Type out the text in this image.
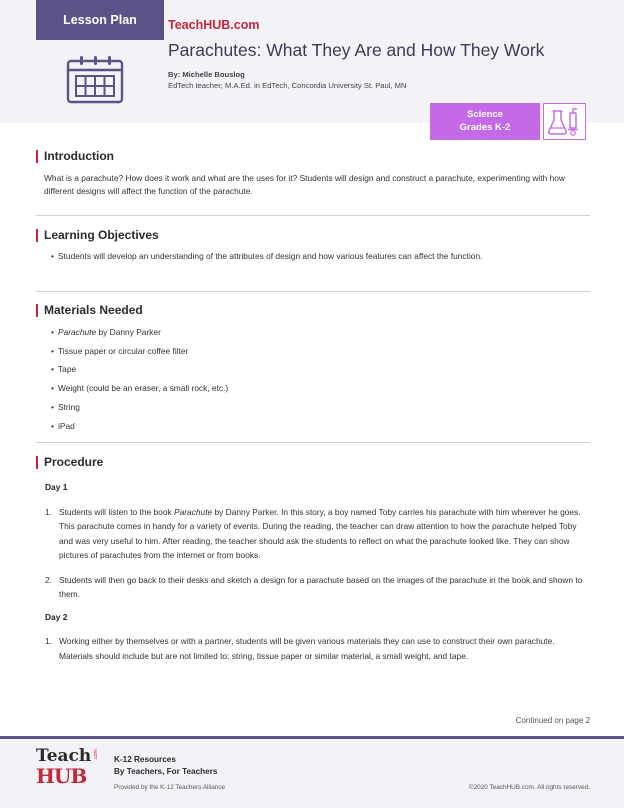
Lesson Plan	TeachHUB.com
Parachutes: What They Are and How They Work
By: Michelle Bouslog
EdTech teacher; M.A.Ed. in EdTech, Concordia University St. Paul, MN
Science
Grades K-2
Introduction
What is a parachute? How does it work and what are the uses for it? Students will design and construct a parachute, experimenting with how different designs will affect the function of the parachute.
Learning Objectives
• Students will develop an understanding of the attributes of design and how various features can affect the function.
Materials Needed
• Parachute by Danny Parker
• Tissue paper or circular coffee filter
• Tape
• Weight (could be an eraser, a small rock, etc.)
• String
• iPad
Procedure
Day 1
1. Students will listen to the book Parachute by Danny Parker. In this story, a boy named Toby carries his parachute with him wherever he goes. This parachute comes in handy for a variety of events. During the reading, the teacher can draw attention to how the parachute helped Toby and was very useful to him. After reading, the teacher should ask the students to reflect on what the parachute looked like. They can show pictures of parachutes from the internet or from books.
2. Students will then go back to their desks and sketch a design for a parachute based on the images of the parachute in the book and shown to them.
Day 2
1. Working either by themselves or with a partner, students will be given various materials they can use to construct their own parachute. Materials should include but are not limited to: string, tissue paper or similar material, a small weight, and tape.
Continued on page 2
Teach
HUB
.com K-12 Resources
By Teachers, For Teachers
Provided by the K-12 Teachers Alliance	©2020 TeachHUB.com. All rights reserved.
